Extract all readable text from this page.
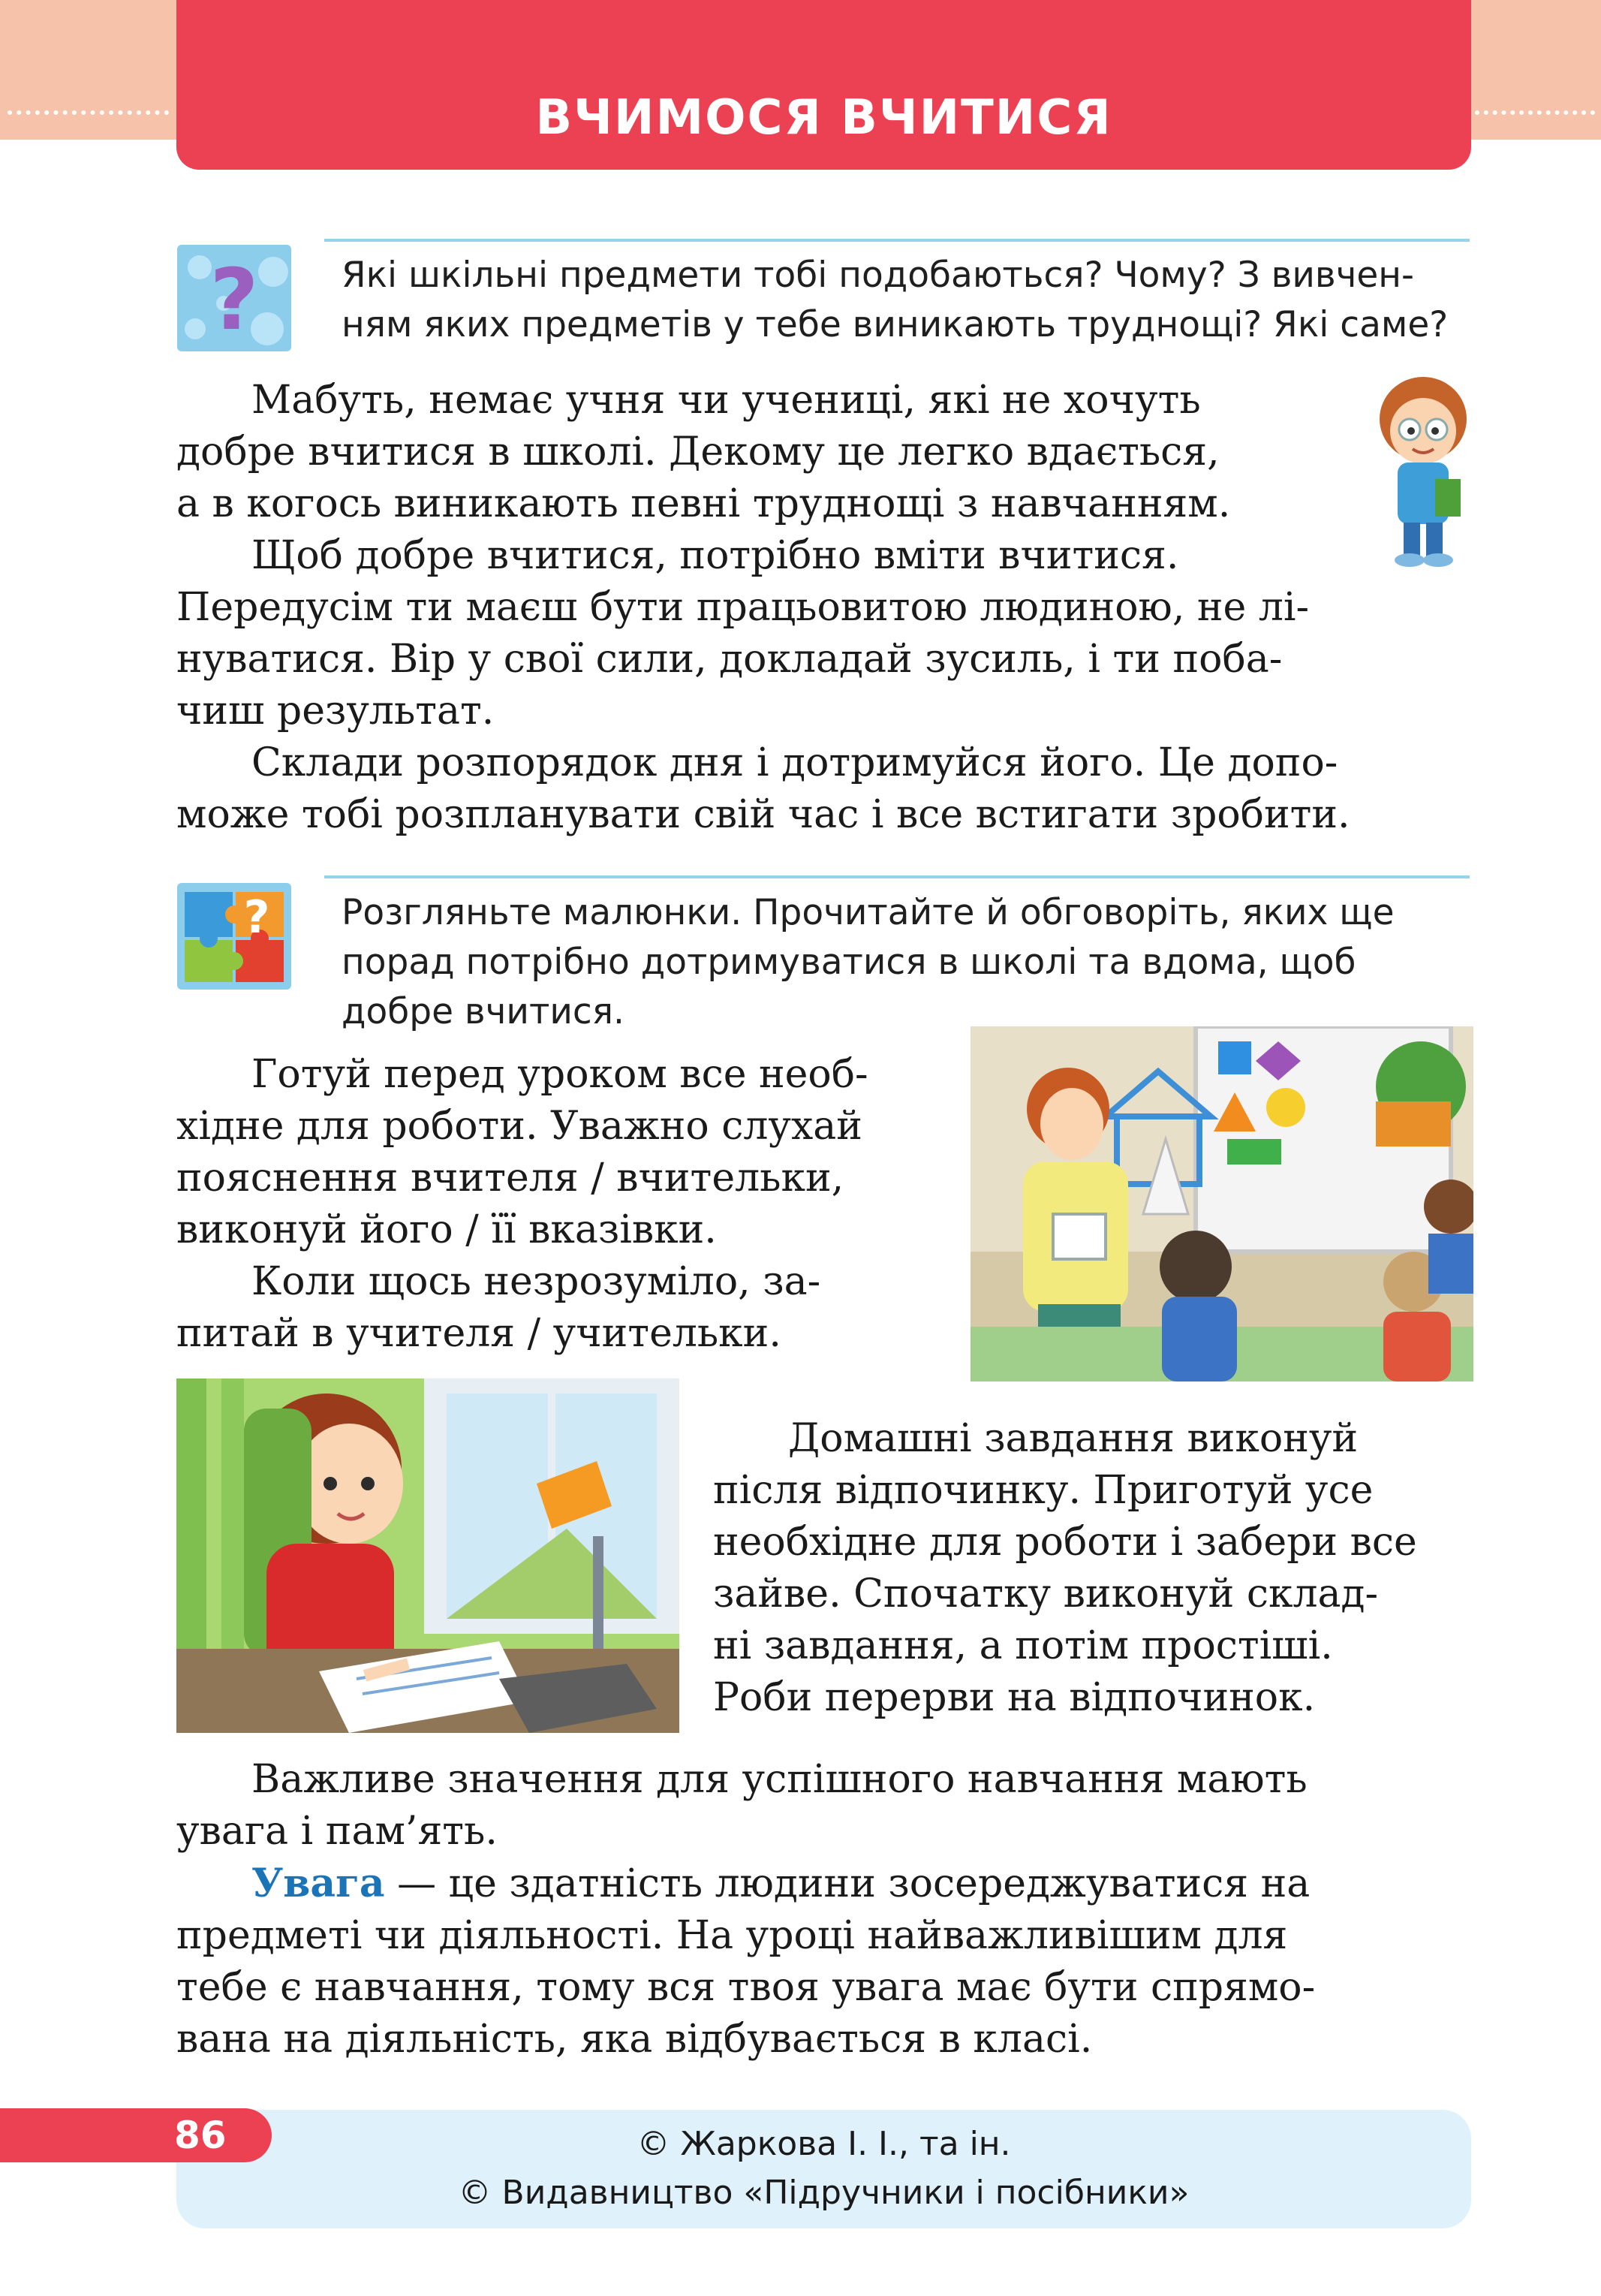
ВЧИМОСЯ ВЧИТИСЯ
? Які шкільні предмети тобі подобаються? Чому? З вивчен-
ням яких предметів у тебе виникають труднощі? Які саме?
Мабуть, немає учня чи учениці, які не хочуть
добре вчитися в школі. Декому це легко вдається,
а в когось виникають певні труднощі з навчанням.
Щоб добре вчитися, потрібно вміти вчитися.
Передусім ти маєш бути працьовитою людиною, не лі-
нуватися. Вір у свої сили, докладай зусиль, і ти поба-
чиш результат.
Склади розпорядок дня і дотримуйся його. Це допо-
може тобі розпланувати свій час і все встигати зробити.
? Розгляньте малюнки. Прочитайте й обговоріть, яких ще
порад потрібно дотримуватися в школі та вдома, щоб
добре вчитися.
Готуй перед уроком все необ-
хідне для роботи. Уважно слухай
пояснення вчителя / вчительки,
виконуй його / її вказівки.
Коли щось незрозуміло, за-
питай в учителя / учительки.
Домашні завдання виконуй
після відпочинку. Приготуй усе
необхідне для роботи і забери все
зайве. Спочатку виконуй склад-
ні завдання, а потім простіші.
Роби перерви на відпочинок.
Важливе значення для успішного навчання мають
увага і пам’ять.
Увага — це здатність людини зосереджуватися на
предметі чи діяльності. На уроці найважливішим для
тебе є навчання, тому вся твоя увага має бути спрямо-
вана на діяльність, яка відбувається в класі.
86	© Жаркова І. І., та ін.
© Видавництво «Підручники і посібники»
